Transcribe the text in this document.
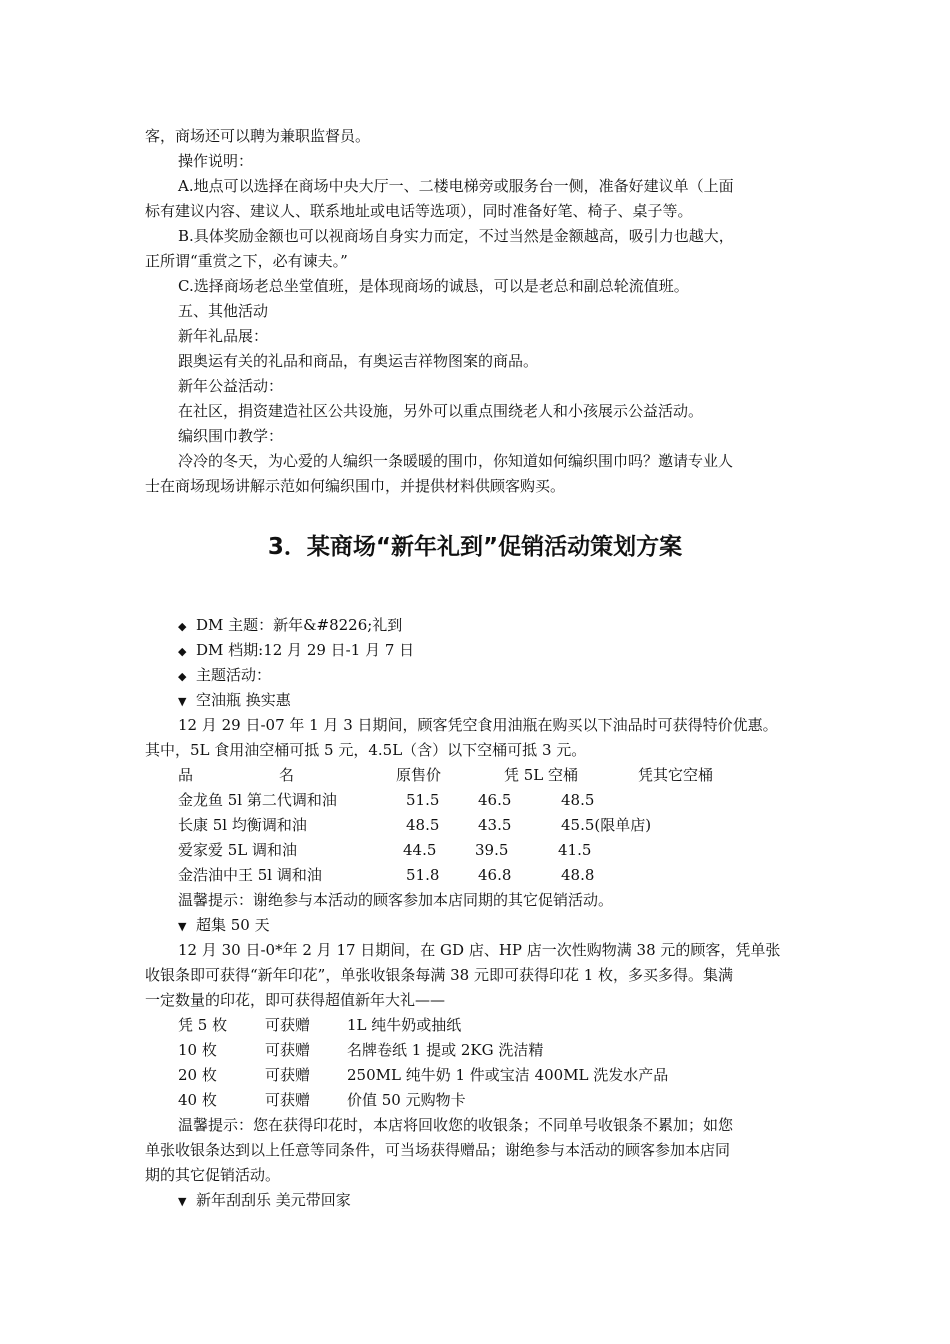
客，商场还可以聘为兼职监督员。
操作说明：
A.地点可以选择在商场中央大厅一、二楼电梯旁或服务台一侧，准备好建议单（上面
标有建议内容、建议人、联系地址或电话等选项），同时准备好笔、椅子、桌子等。
B.具体奖励金额也可以视商场自身实力而定，不过当然是金额越高，吸引力也越大，
正所谓“重赏之下，必有谏夫。”
C.选择商场老总坐堂值班，是体现商场的诚恳，可以是老总和副总轮流值班。
五、其他活动
新年礼品展：
跟奥运有关的礼品和商品，有奥运吉祥物图案的商品。
新年公益活动：
在社区，捐资建造社区公共设施，另外可以重点围绕老人和小孩展示公益活动。
编织围巾教学：
冷冷的冬天，为心爱的人编织一条暖暖的围巾，你知道如何编织围巾吗？邀请专业人
士在商场现场讲解示范如何编织围巾，并提供材料供顾客购买。
3．某商场“新年礼到”促销活动策划方案
◆ DM 主题：新年&#8226;礼到
◆ DM 档期:12 月 29 日-1 月 7 日
◆ 主题活动：
▼ 空油瓶 换实惠
12 月 29 日-07 年 1 月 3 日期间，顾客凭空食用油瓶在购买以下油品时可获得特价优惠。
其中，5L 食用油空桶可抵 5 元，4.5L（含）以下空桶可抵 3 元。
品	名	原售价	凭 5L 空桶	凭其它空桶
金龙鱼 5l 第二代调和油	51.5	46.5	48.5
长康 5l 均衡调和油	48.5	43.5	45.5(限单店)
爱家爱 5L 调和油	44.5	39.5	41.5
金浩油中王 5l 调和油	51.8	46.8	48.8
温馨提示：谢绝参与本活动的顾客参加本店同期的其它促销活动。
▼ 超集 50 天
12 月 30 日-0*年 2 月 17 日期间，在 GD 店、HP 店一次性购物满 38 元的顾客，凭单张
收银条即可获得“新年印花”，单张收银条每满 38 元即可获得印花 1 枚，多买多得。集满
一定数量的印花，即可获得超值新年大礼——
凭 5 枚	可获赠 1L 纯牛奶或抽纸
10 枚	可获赠 名牌卷纸 1 提或 2KG 洗洁精
20 枚	可获赠 250ML 纯牛奶 1 件或宝洁 400ML 洗发水产品
40 枚	可获赠 价值 50 元购物卡
温馨提示：您在获得印花时，本店将回收您的收银条；不同单号收银条不累加；如您
单张收银条达到以上任意等同条件，可当场获得赠品；谢绝参与本活动的顾客参加本店同
期的其它促销活动。
▼ 新年刮刮乐 美元带回家
